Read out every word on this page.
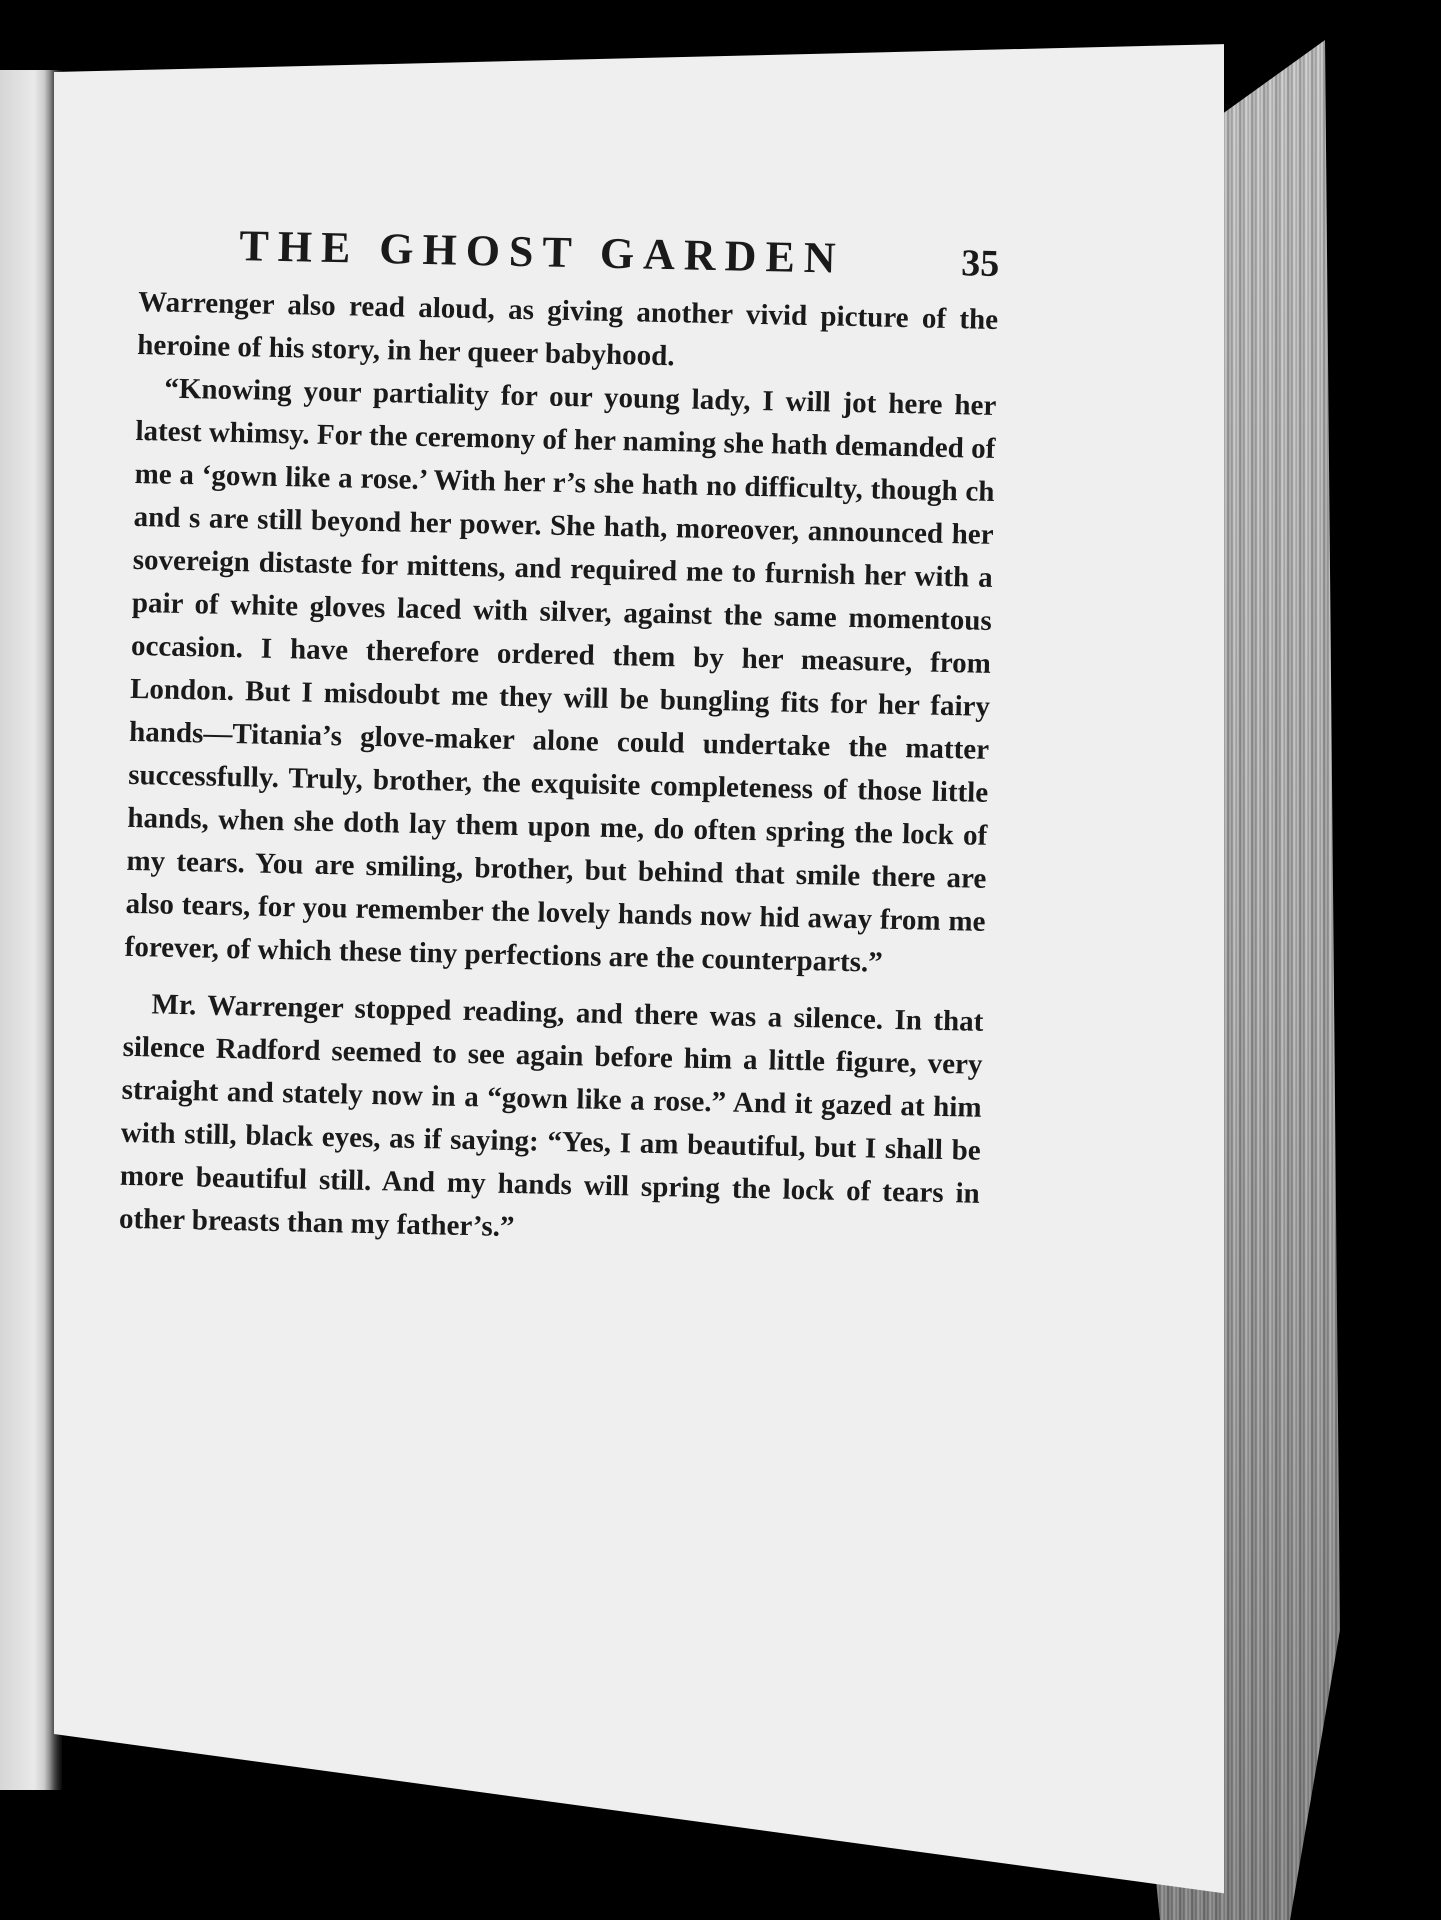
THE GHOST GARDEN	35

Warrenger also read aloud, as giving another vivid picture of the heroine of his story, in her queer babyhood.

“Knowing your partiality for our young lady, I will jot here her latest whimsy. For the ceremony of her naming she hath demanded of me a ‘gown like a rose.’ With her r’s she hath no difficulty, though ch and s are still beyond her power. She hath, moreover, announced her sovereign distaste for mittens, and required me to furnish her with a pair of white gloves laced with silver, against the same momentous occasion. I have therefore ordered them by her measure, from London. But I misdoubt me they will be bungling fits for her fairy hands—Titania’s glove-maker alone could undertake the matter successfully. Truly, brother, the exquisite completeness of those little hands, when she doth lay them upon me, do often spring the lock of my tears. You are smiling, brother, but behind that smile there are also tears, for you remember the lovely hands now hid away from me forever, of which these tiny perfections are the counterparts.”

Mr. Warrenger stopped reading, and there was a silence. In that silence Radford seemed to see again before him a little figure, very straight and stately now in a “gown like a rose.” And it gazed at him with still, black eyes, as if saying: “Yes, I am beautiful, but I shall be more beautiful still. And my hands will spring the lock of tears in other breasts than my father’s.”
